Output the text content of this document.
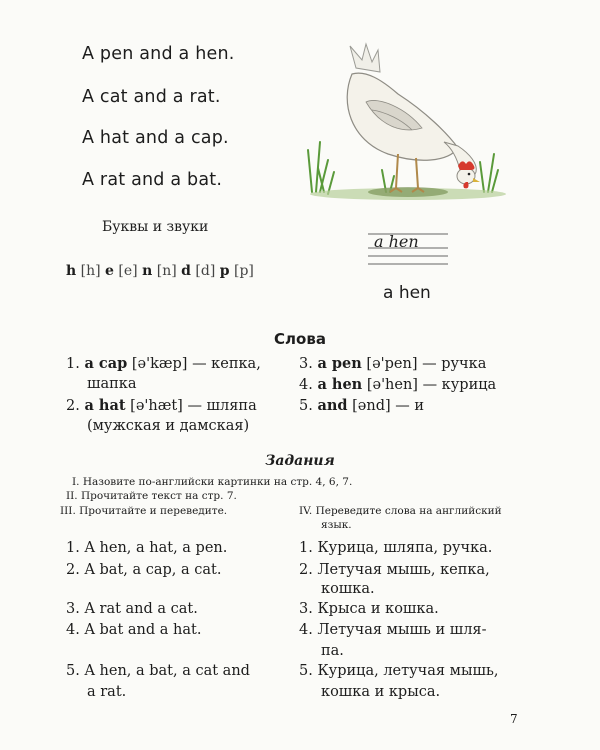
A pen and a hen.
A cat and a rat.
A hat and a cap.
A rat and a bat.
a hen
a hen
Буквы и звуки
h [h] e [e] n [n] d [d] p [p]
Слова
1. a cap [ə'kæp] — кепка,
шапка
2. a hat [ə'hæt] — шляпа
(мужская и дамская)
3. a pen [ə'pen] — ручка
4. a hen [ə'hen] — курица
5. and [ənd] — и
Задания
I. Назовите по-английски картинки на стр. 4, 6, 7.
II. Прочитайте текст на стр. 7.
III. Прочитайте и переведите.	IV. Переведите слова на английский
язык.
1. A hen, a hat, a pen.
2. A bat, a cap, a cat.
3. A rat and a cat.
4. A bat and a hat.
5. A hen, a bat, a cat and
a rat.
1. Курица, шляпа, ручка.
2. Летучая мышь, кепка,
кошка.
3. Крыса и кошка.
4. Летучая мышь и шля-
па.
5. Курица, летучая мышь,
кошка и крыса.
7
